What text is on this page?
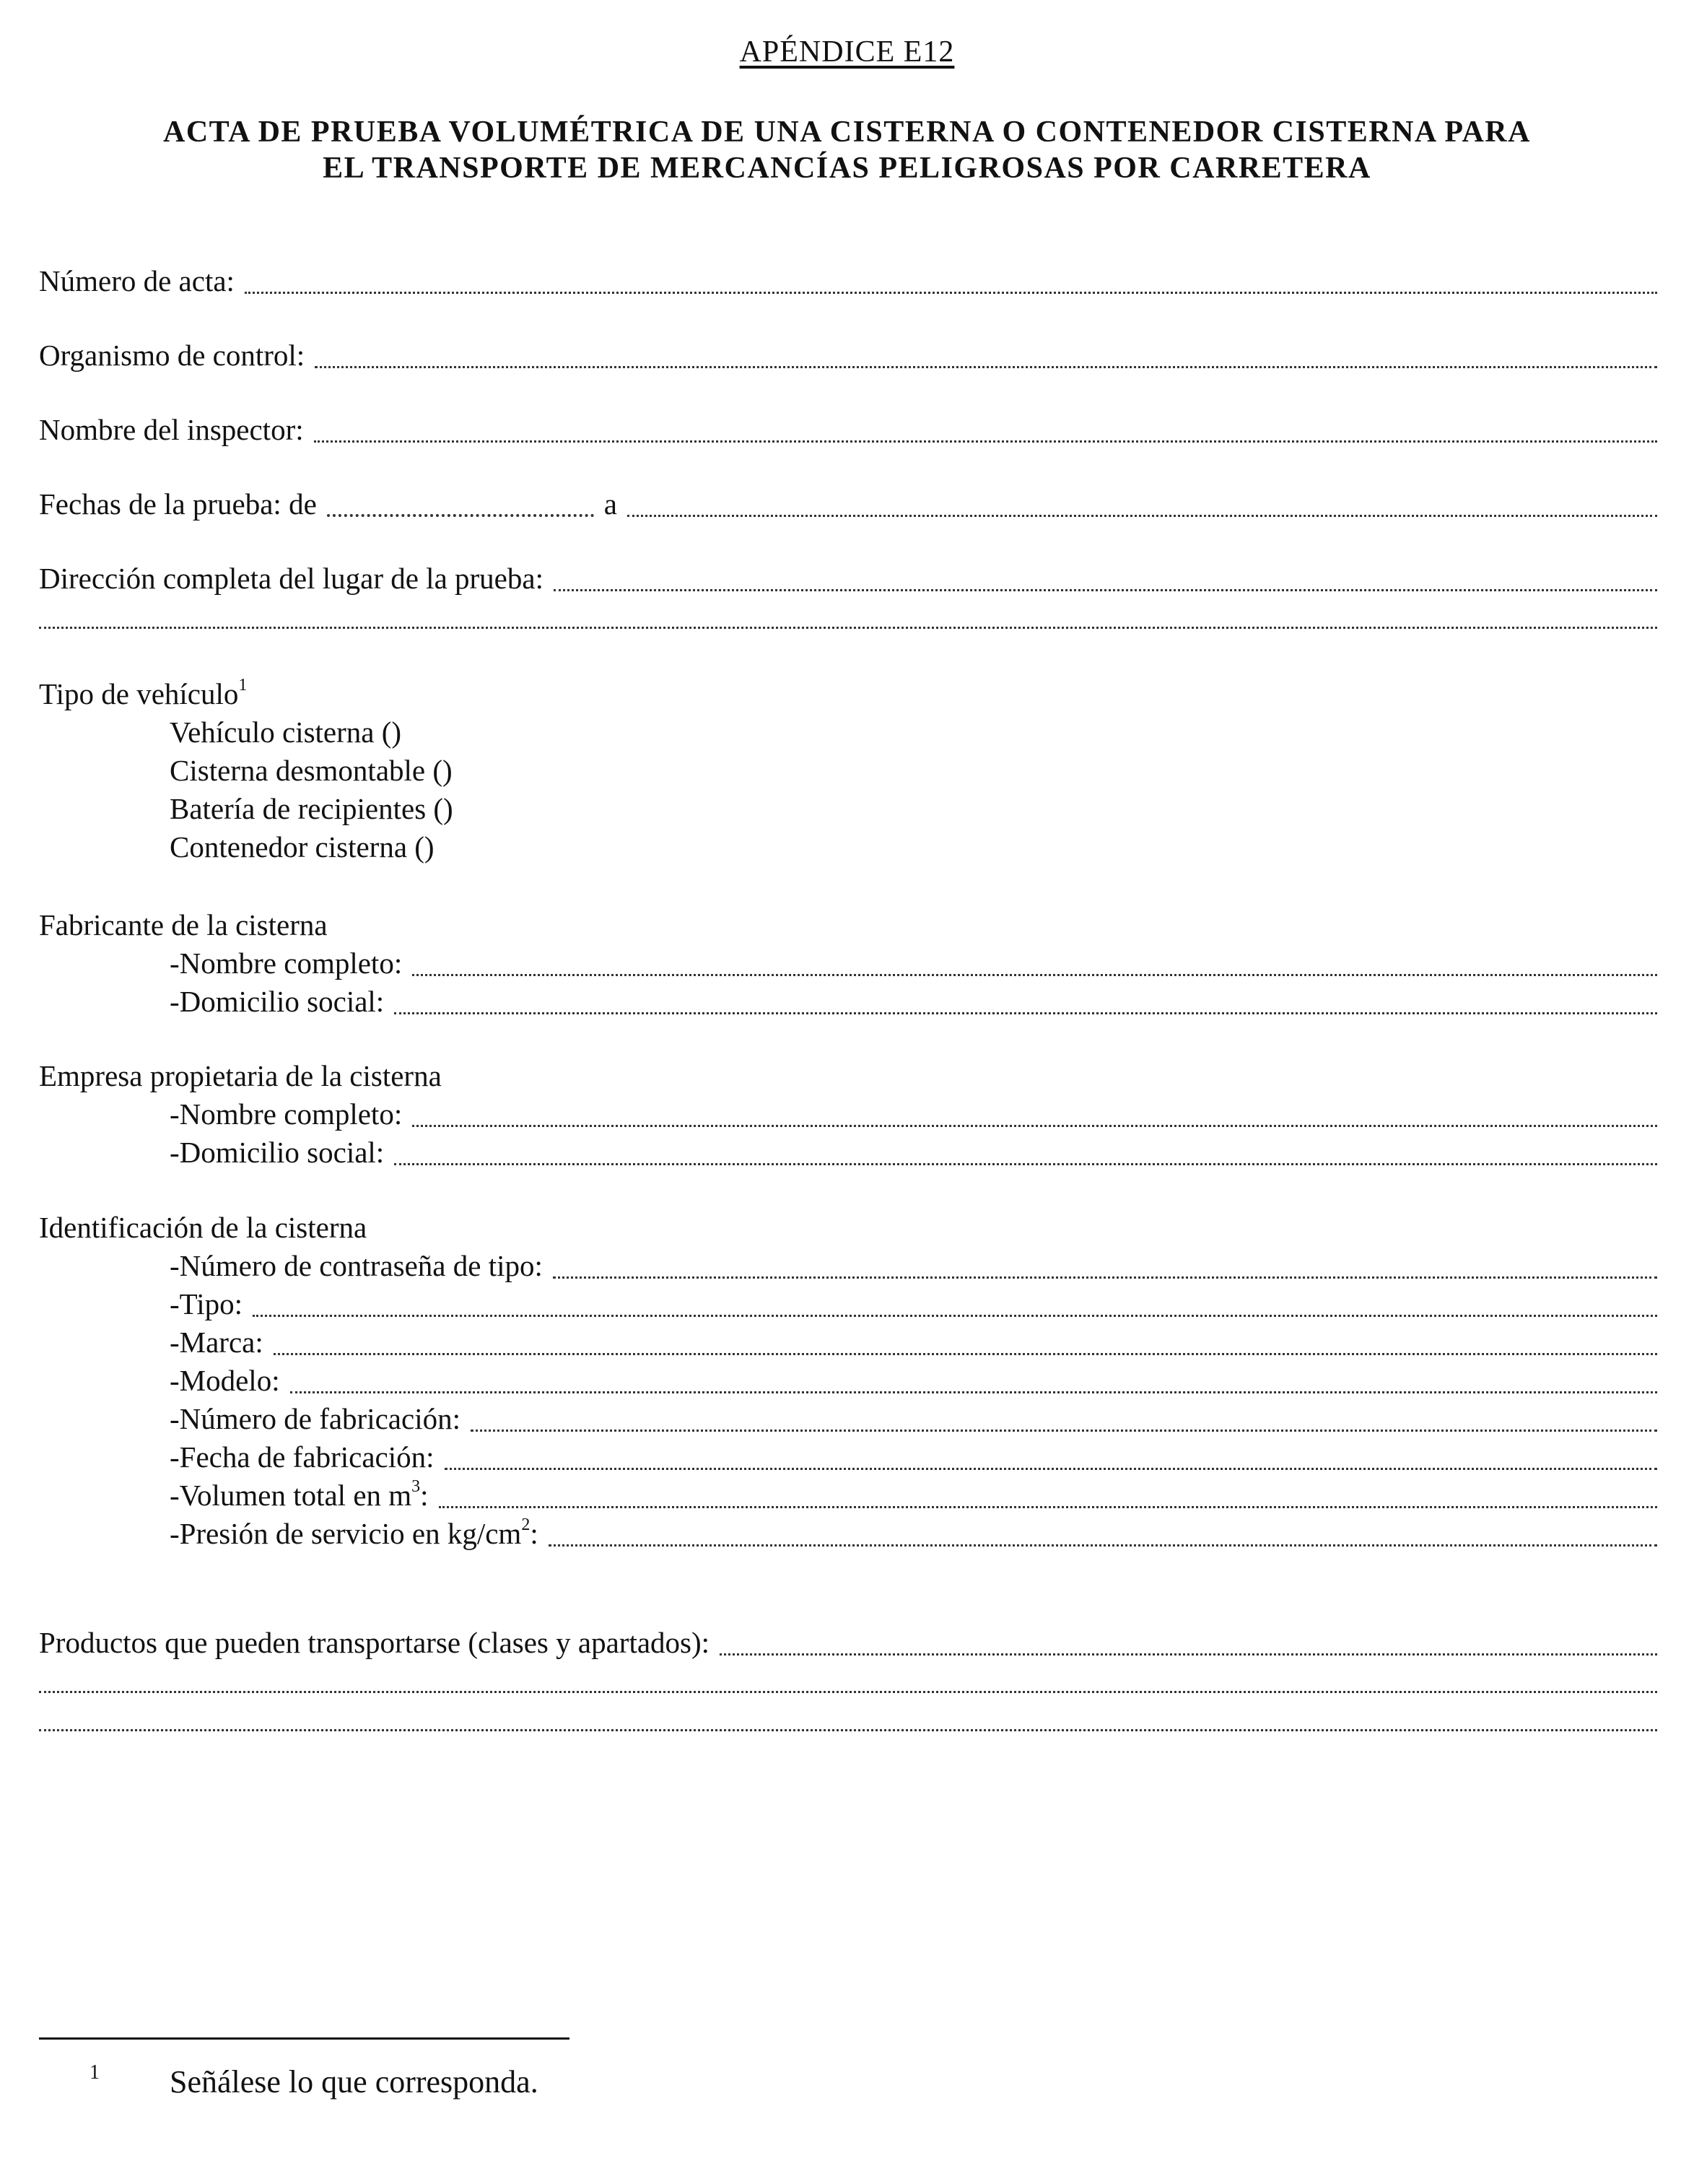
APÉNDICE E12
ACTA DE PRUEBA VOLUMÉTRICA DE UNA CISTERNA O CONTENEDOR CISTERNA PARA
EL TRANSPORTE DE MERCANCÍAS PELIGROSAS POR CARRETERA
Número de acta:
Organismo de control:
Nombre del inspector:
Fechas de la prueba: de	a
Dirección completa del lugar de la prueba:
Tipo de vehículo$^1$
Vehículo cisterna ()
Cisterna desmontable ()
Batería de recipientes ()
Contenedor cisterna ()
Fabricante de la cisterna
-Nombre completo:
-Domicilio social:
Empresa propietaria de la cisterna
-Nombre completo:
-Domicilio social:
Identificación de la cisterna
-Número de contraseña de tipo:
-Tipo:
-Marca:
-Modelo:
-Número de fabricación:
-Fecha de fabricación:
-Volumen total en $m^3$:
-Presión de servicio en $kg/cm^2$:
Productos que pueden transportarse (clases y apartados):
1 Señálese lo que corresponda.
